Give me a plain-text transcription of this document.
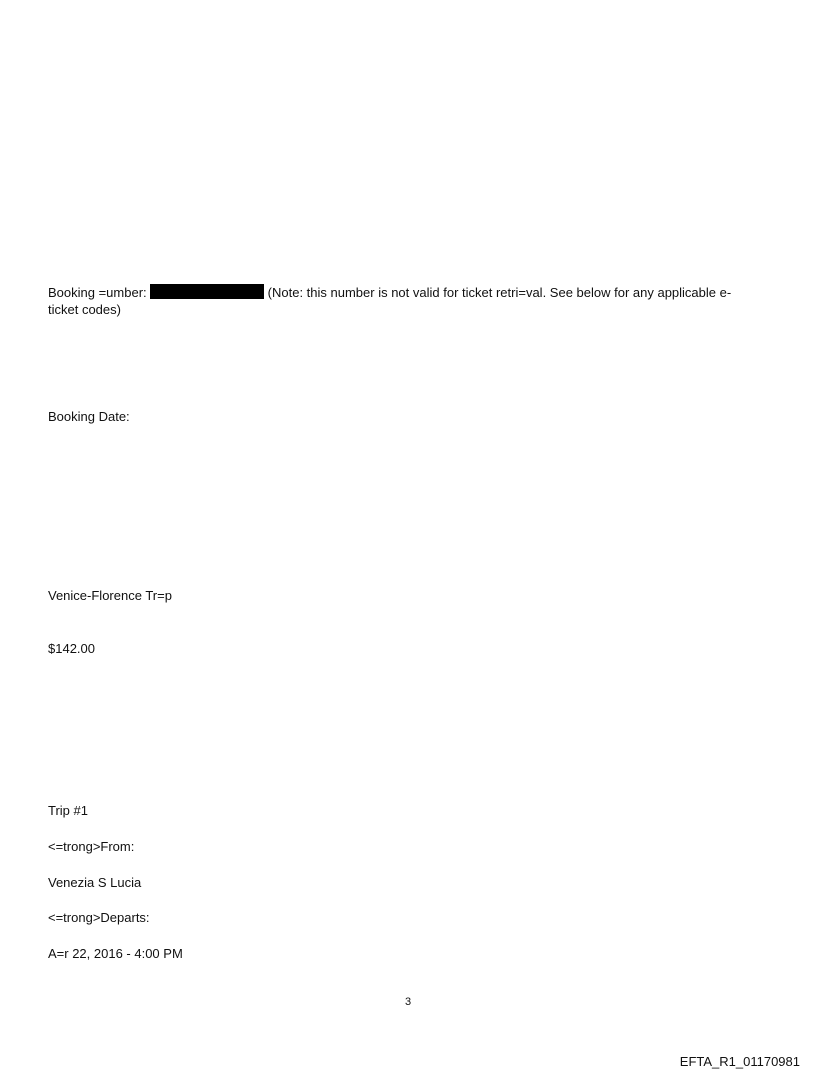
Booking =umber:	(Note: this number is not valid for ticket retri=val. See below for any applicable e-
ticket codes)
Booking Date:
Venice-Florence Tr=p
$142.00
Trip #1
<=trong>From:
Venezia S Lucia
<=trong>Departs:
A=r 22, 2016 - 4:00 PM
3
EFTA_R1_01170981
